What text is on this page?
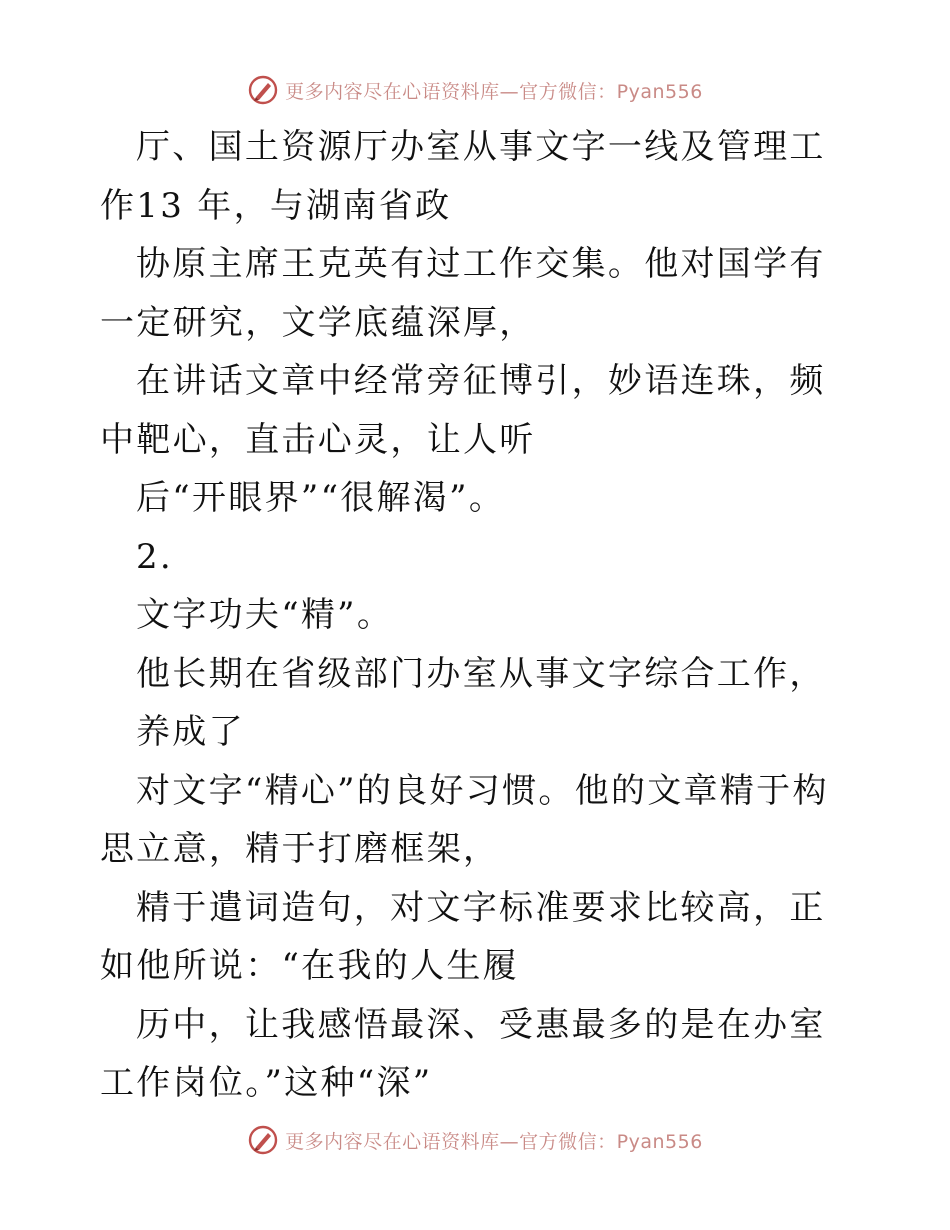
更多内容尽在心语资料库—官方微信：Pyan556

厅、国土资源厅办室从事文字一线及管理工作13 年，与湖南省政

协原主席王克英有过工作交集。他对国学有一定研究，文学底蕴深厚，

在讲话文章中经常旁征博引，妙语连珠，频中靶心，直击心灵，让人听

后“开眼界”“很解渴”。

2.

文字功夫“精”。

他长期在省级部门办室从事文字综合工作，

养成了

对文字“精心”的良好习惯。他的文章精于构思立意，精于打磨框架，

精于遣词造句，对文字标准要求比较高，正如他所说：“在我的人生履

历中，让我感悟最深、受惠最多的是在办室工作岗位。”这种“深”

更多内容尽在心语资料库—官方微信：Pyan556
